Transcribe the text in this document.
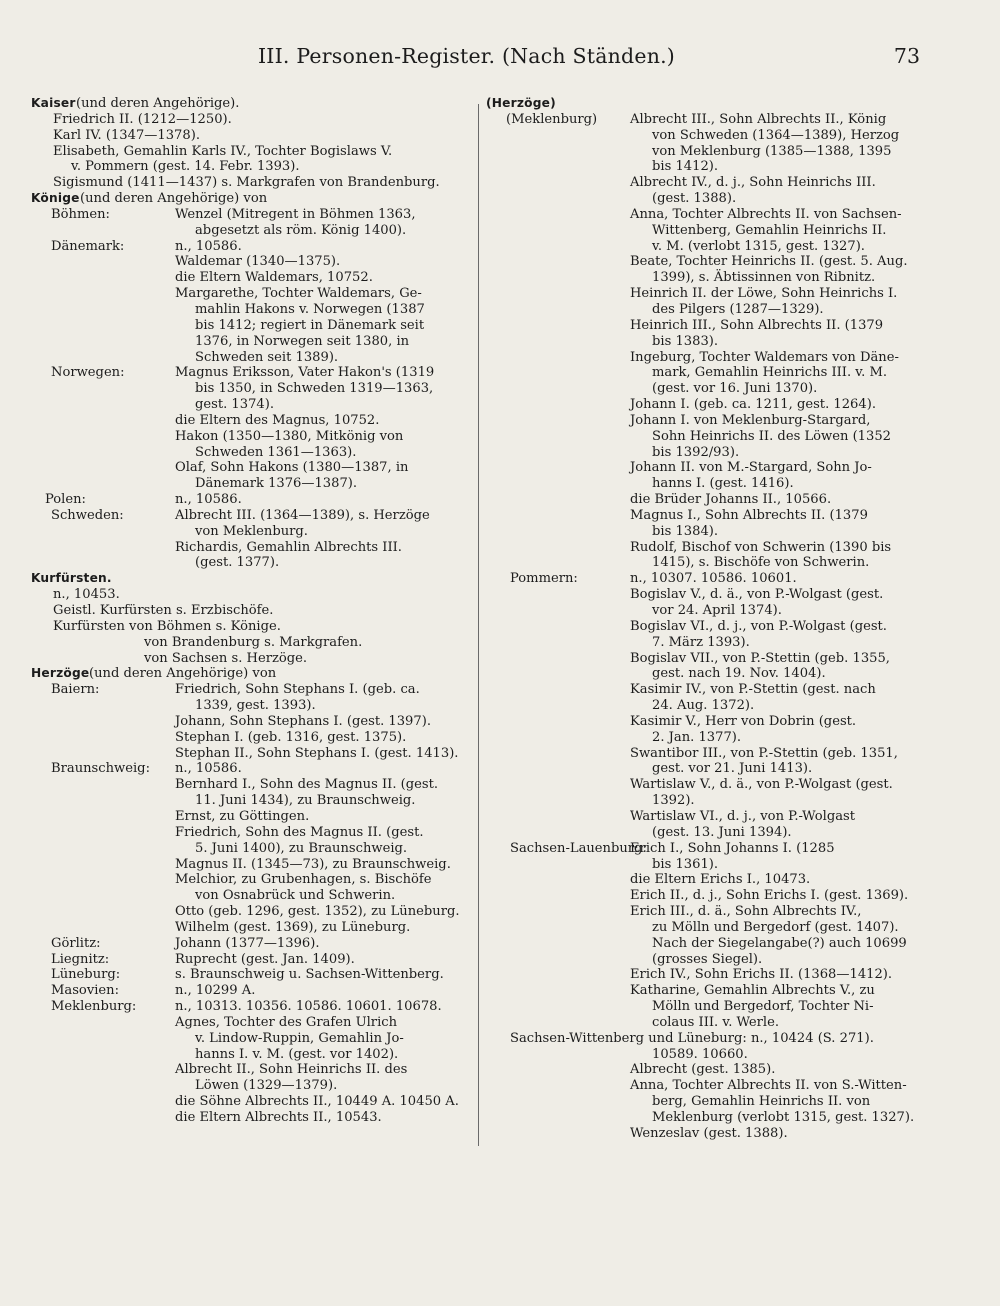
III. Personen-Register. (Nach Ständen.)	73
Kaiser (und deren Angehörige).
Friedrich II. (1212—1250).
Karl IV. (1347—1378).
Elisabeth, Gemahlin Karls IV., Tochter Bogislaws V.
v. Pommern (gest. 14. Febr. 1393).
Sigismund (1411—1437) s. Markgrafen von Brandenburg.
Könige (und deren Angehörige) von
Böhmen:	Wenzel (Mitregent in Böhmen 1363,
abgesetzt als röm. König 1400).
Dänemark:	n., 10586.
Waldemar (1340—1375).
die Eltern Waldemars, 10752.
Margarethe, Tochter Waldemars, Ge-
mahlin Hakons v. Norwegen (1387
bis 1412; regiert in Dänemark seit
1376, in Norwegen seit 1380, in
Schweden seit 1389).
Norwegen:	Magnus Eriksson, Vater Hakon's (1319
bis 1350, in Schweden 1319—1363,
gest. 1374).
die Eltern des Magnus, 10752.
Hakon (1350—1380, Mitkönig von
Schweden 1361—1363).
Olaf, Sohn Hakons (1380—1387, in
Dänemark 1376—1387).
Polen:	n., 10586.
Schweden:	Albrecht III. (1364—1389), s. Herzöge
von Meklenburg.
Richardis, Gemahlin Albrechts III.
(gest. 1377).
Kurfürsten.
n., 10453.
Geistl. Kurfürsten s. Erzbischöfe.
Kurfürsten von Böhmen s. Könige.
von Brandenburg s. Markgrafen.
von Sachsen s. Herzöge.
Herzöge (und deren Angehörige) von
Baiern:	Friedrich, Sohn Stephans I. (geb. ca.
1339, gest. 1393).
Johann, Sohn Stephans I. (gest. 1397).
Stephan I. (geb. 1316, gest. 1375).
Stephan II., Sohn Stephans I. (gest. 1413).
Braunschweig: n., 10586.
Bernhard I., Sohn des Magnus II. (gest.
11. Juni 1434), zu Braunschweig.
Ernst, zu Göttingen.
Friedrich, Sohn des Magnus II. (gest.
5. Juni 1400), zu Braunschweig.
Magnus II. (1345—73), zu Braunschweig.
Melchior, zu Grubenhagen, s. Bischöfe
von Osnabrück und Schwerin.
Otto (geb. 1296, gest. 1352), zu Lüneburg.
Wilhelm (gest. 1369), zu Lüneburg.
Görlitz:	Johann (1377—1396).
Liegnitz:	Ruprecht (gest. Jan. 1409).
Lüneburg:	s. Braunschweig u. Sachsen-Wittenberg.
Masovien:	n., 10299 A.
Meklenburg:	n., 10313. 10356. 10586. 10601. 10678.
Agnes, Tochter des Grafen Ulrich
v. Lindow-Ruppin, Gemahlin Jo-
hanns I. v. M. (gest. vor 1402).
Albrecht II., Sohn Heinrichs II. des
Löwen (1329—1379).
die Söhne Albrechts II., 10449 A. 10450 A.
die Eltern Albrechts II., 10543.
(Herzöge)
(Meklenburg)	Albrecht III., Sohn Albrechts II., König
von Schweden (1364—1389), Herzog
von Meklenburg (1385—1388, 1395
bis 1412).
Albrecht IV., d. j., Sohn Heinrichs III.
(gest. 1388).
Anna, Tochter Albrechts II. von Sachsen-
Wittenberg, Gemahlin Heinrichs II.
v. M. (verlobt 1315, gest. 1327).
Beate, Tochter Heinrichs II. (gest. 5. Aug.
1399), s. Äbtissinnen von Ribnitz.
Heinrich II. der Löwe, Sohn Heinrichs I.
des Pilgers (1287—1329).
Heinrich III., Sohn Albrechts II. (1379
bis 1383).
Ingeburg, Tochter Waldemars von Däne-
mark, Gemahlin Heinrichs III. v. M.
(gest. vor 16. Juni 1370).
Johann I. (geb. ca. 1211, gest. 1264).
Johann I. von Meklenburg-Stargard,
Sohn Heinrichs II. des Löwen (1352
bis 1392/93).
Johann II. von M.-Stargard, Sohn Jo-
hanns I. (gest. 1416).
die Brüder Johanns II., 10566.
Magnus I., Sohn Albrechts II. (1379
bis 1384).
Rudolf, Bischof von Schwerin (1390 bis
1415), s. Bischöfe von Schwerin.
Pommern:	n., 10307. 10586. 10601.
Bogislav V., d. ä., von P.-Wolgast (gest.
vor 24. April 1374).
Bogislav VI., d. j., von P.-Wolgast (gest.
7. März 1393).
Bogislav VII., von P.-Stettin (geb. 1355,
gest. nach 19. Nov. 1404).
Kasimir IV., von P.-Stettin (gest. nach
24. Aug. 1372).
Kasimir V., Herr von Dobrin (gest.
2. Jan. 1377).
Swantibor III., von P.-Stettin (geb. 1351,
gest. vor 21. Juni 1413).
Wartislaw V., d. ä., von P.-Wolgast (gest.
1392).
Wartislaw VI., d. j., von P.-Wolgast
(gest. 13. Juni 1394).
Sachsen-Lauenburg:
Erich I., Sohn Johanns I. (1285
bis 1361).
die Eltern Erichs I., 10473.
Erich II., d. j., Sohn Erichs I. (gest. 1369).
Erich III., d. ä., Sohn Albrechts IV.,
zu Mölln und Bergedorf (gest. 1407).
Nach der Siegelangabe(?) auch 10699
(grosses Siegel).
Erich IV., Sohn Erichs II. (1368—1412).
Katharine, Gemahlin Albrechts V., zu
Mölln und Bergedorf, Tochter Ni-
colaus III. v. Werle.
Sachsen-Wittenberg und Lüneburg: n., 10424 (S. 271).
10589. 10660.
Albrecht (gest. 1385).
Anna, Tochter Albrechts II. von S.-Witten-
berg, Gemahlin Heinrichs II. von
Meklenburg (verlobt 1315, gest. 1327).
Wenzeslav (gest. 1388).
